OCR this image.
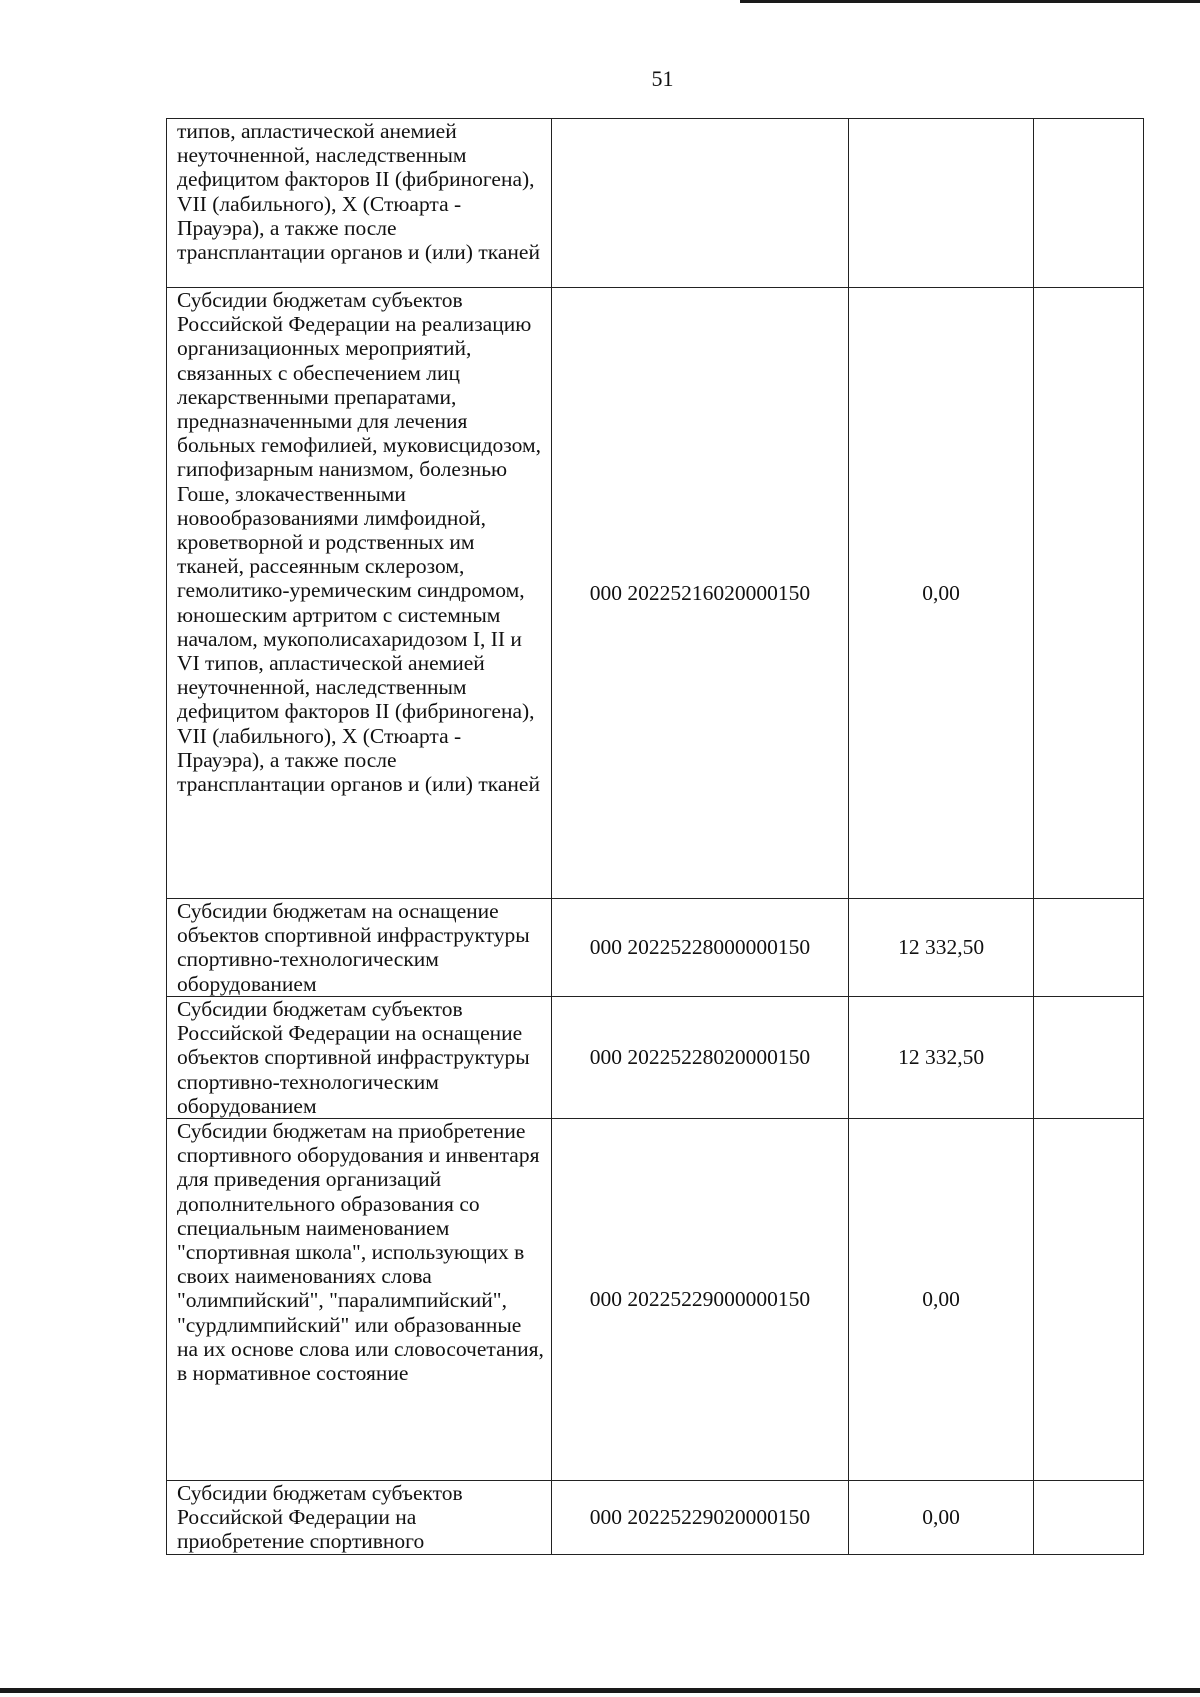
51
типов, апластической анемией неуточненной, наследственным дефицитом факторов II (фибриногена), VII (лабильного), X (Стюарта - Прауэра), а также после трансплантации органов и (или) тканей			
Субсидии бюджетам субъектов Российской Федерации на реализацию организационных мероприятий, связанных с обеспечением лиц лекарственными препаратами, предназначенными для лечения больных гемофилией, муковисцидозом, гипофизарным нанизмом, болезнью Гоше, злокачественными новообразованиями лимфоидной, кроветворной и родственных им тканей, рассеянным склерозом, гемолитико-уремическим синдромом, юношеским артритом с системным началом, мукополисахаридозом I, II и VI типов, апластической анемией неуточненной, наследственным дефицитом факторов II (фибриногена), VII (лабильного), X (Стюарта - Прауэра), а также после трансплантации органов и (или) тканей	000 20225216020000150	0,00	
Субсидии бюджетам на оснащение объектов спортивной инфраструктуры спортивно-технологическим оборудованием	000 20225228000000150	12 332,50	
Субсидии бюджетам субъектов Российской Федерации на оснащение объектов спортивной инфраструктуры спортивно-технологическим оборудованием	000 20225228020000150	12 332,50	
Субсидии бюджетам на приобретение спортивного оборудования и инвентаря для приведения организаций дополнительного образования со специальным наименованием "спортивная школа", использующих в своих наименованиях слова "олимпийский", "паралимпийский", "сурдлимпийский" или образованные на их основе слова или словосочетания, в нормативное состояние	000 20225229000000150	0,00	
Субсидии бюджетам субъектов Российской Федерации на приобретение спортивного	000 20225229020000150	0,00	
